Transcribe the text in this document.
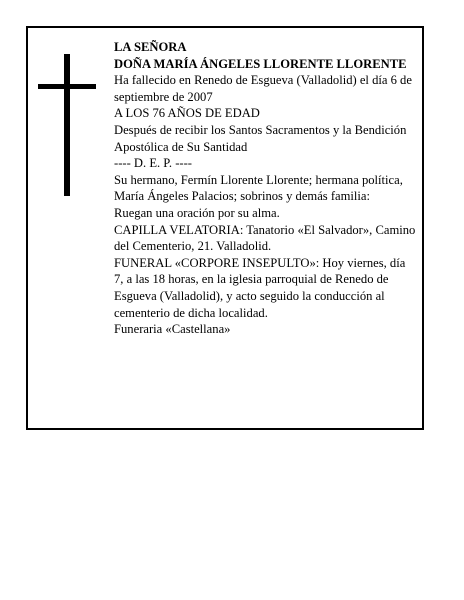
LA SEÑORA

DOÑA MARÍA ÁNGELES LLORENTE LLORENTE

Ha fallecido en Renedo de Esgueva (Valladolid) el día 6 de septiembre de 2007

A LOS 76 AÑOS DE EDAD

Después de recibir los Santos Sacramentos y la Bendición Apostólica de Su Santidad

---- D. E. P. ----

Su hermano, Fermín Llorente Llorente; hermana política, María Ángeles Palacios; sobrinos y demás familia:

Ruegan una oración por su alma.

CAPILLA VELATORIA: Tanatorio «El Salvador», Camino del Cementerio, 21. Valladolid.

FUNERAL «CORPORE INSEPULTO»: Hoy viernes, día 7, a las 18 horas, en la iglesia parroquial de Renedo de Esgueva (Valladolid), y acto seguido la conducción al cementerio de dicha localidad.

Funeraria «Castellana»
